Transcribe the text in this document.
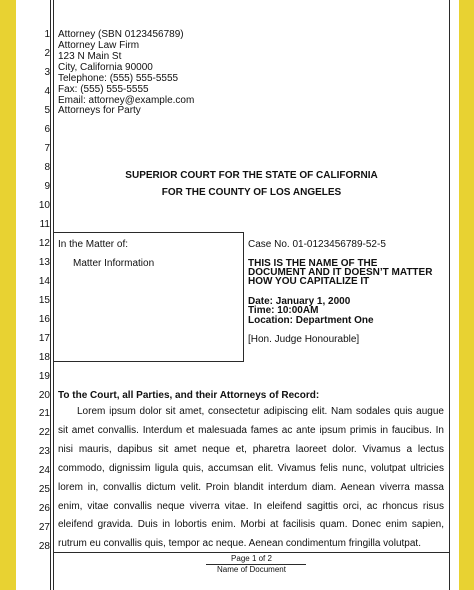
1
2
3
4
5
6
7
8
9
10
11
12
13
14
15
16
17
18
19
20
21
22
23
24
25
26
27
28
Attorney (SBN 0123456789)
Attorney Law Firm
123 N Main St
City, California 90000
Telephone: (555) 555-5555
Fax: (555) 555-5555
Email: attorney@example.com
Attorneys for Party
SUPERIOR COURT FOR THE STATE OF CALIFORNIA
FOR THE COUNTY OF LOS ANGELES
In the Matter of:
Matter Information
Case No. 01-0123456789-52-5
THIS IS THE NAME OF THE
DOCUMENT AND IT DOESN’T MATTER
HOW YOU CAPITALIZE IT
Date: January 1, 2000
Time: 10:00AM
Location: Department One
[Hon. Judge Honourable]
To the Court, all Parties, and their Attorneys of Record:

Lorem ipsum dolor sit amet, consectetur adipiscing elit. Nam sodales quis augue sit amet convallis. Interdum et malesuada fames ac ante ipsum primis in faucibus. In nisi mauris, dapibus sit amet neque et, pharetra laoreet dolor. Vivamus a lectus commodo, dignissim ligula quis, accumsan elit. Vivamus felis nunc, volutpat ultricies lorem in, convallis dictum velit. Proin blandit interdum diam. Aenean viverra massa enim, vitae convallis neque viverra vitae. In eleifend sagittis orci, ac rhoncus risus eleifend gravida. Duis in lobortis enim. Morbi at facilisis quam. Donec enim sapien, rutrum eu convallis quis, tempor ac neque. Aenean condimentum fringilla volutpat.

Page 1 of 2
Name of Document
